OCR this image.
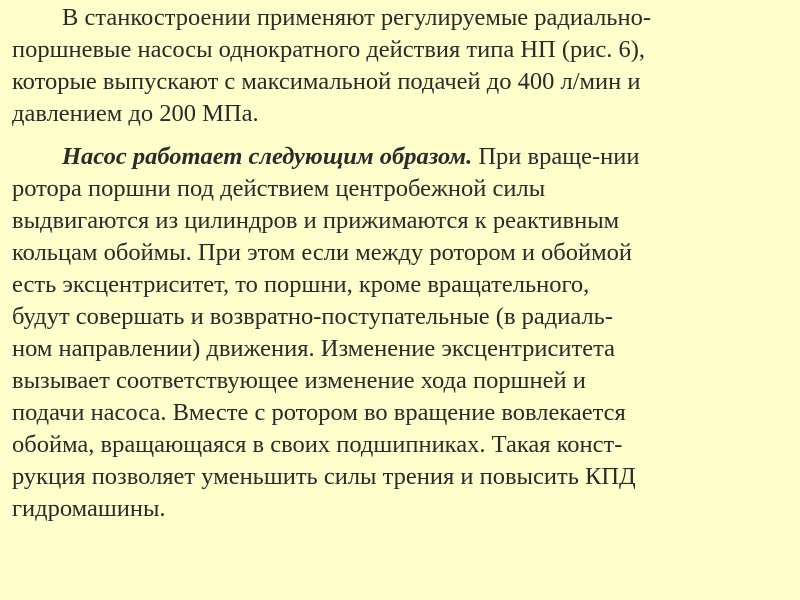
В станкостроении применяют регулируемые радиально-
поршневые насосы однократного действия типа НП (рис. 6),
которые выпускают с максимальной подачей до 400 л/мин и
давлением до 200 МПа.

Насос работает следующим образом. При враще-нии
ротора поршни под действием центробежной силы
выдвигаются из цилиндров и прижимаются к реактивным
кольцам обоймы. При этом если между ротором и обоймой
есть эксцентриситет, то поршни, кроме вращательного,
будут совершать и возвратно-поступательные (в радиаль-
ном направлении) движения. Изменение эксцентриситета
вызывает соответствующее изменение хода поршней и
подачи насоса. Вместе с ротором во вращение вовлекается
обойма, вращающаяся в своих подшипниках. Такая конст-
рукция позволяет уменьшить силы трения и повысить КПД
гидромашины.
